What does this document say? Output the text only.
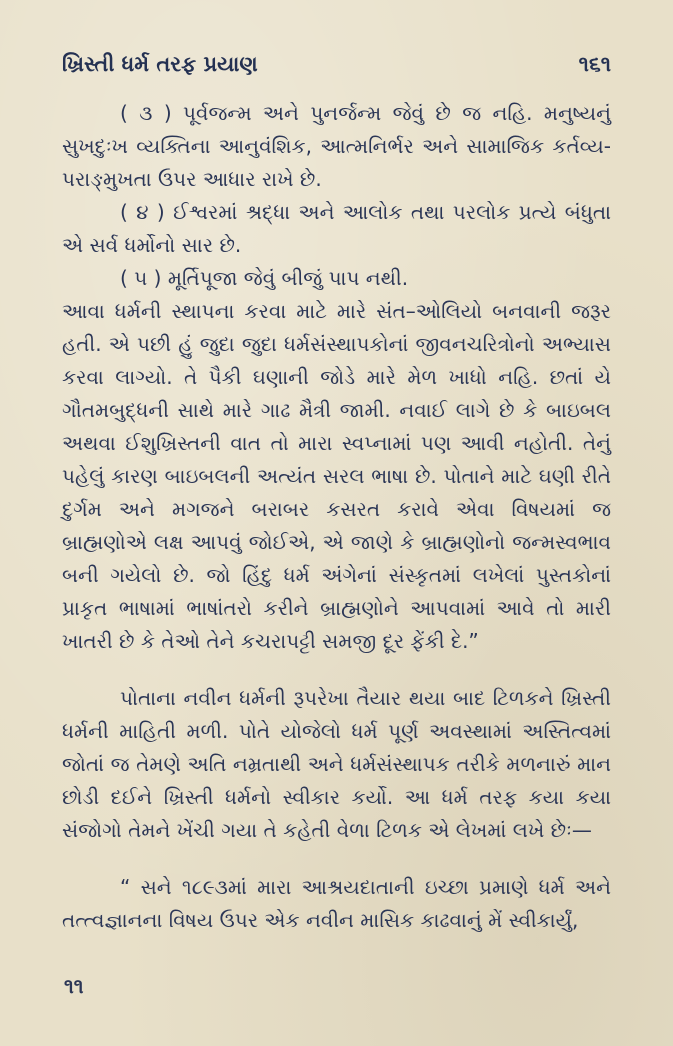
ખ્રિસ્તી ધર્મ તરફ પ્રયાણ	૧૬૧

( ૩ ) પૂર્વજન્મ અને પુનર્જન્મ જેવું છે જ નહિ. મનુષ્યનું સુખદુઃખ વ્યક્તિના આનુવંશિક, આત્મનિર્ભર અને સામાજિક કર્તવ્ય-પરાઙ્મુખતા ઉપર આધાર રાખે છે.

( ૪ ) ઈશ્વરમાં શ્રદ્ધા અને આલોક તથા પરલોક પ્રત્યે બંધુતા એ સર્વ ધર્મોનો સાર છે.

( ૫ ) મૂર્તિપૂજા જેવું બીજું પાપ નથી.

આવા ધર્મની સ્થાપના કરવા માટે મારે સંત–ઓલિયો બનવાની જરૂર હતી. એ પછી હું જુદા જુદા ધર્મસંસ્થાપકોનાં જીવનચરિત્રોનો અભ્યાસ કરવા લાગ્યો. તે પૈકી ઘણાની જોડે મારે મેળ ખાધો નહિ. છતાં યે ગૌતમબુદ્ધની સાથે મારે ગાઢ મૈત્રી જામી. નવાઈ લાગે છે કે બાઇબલ અથવા ઈશુખ્રિસ્તની વાત તો મારા સ્વપ્નામાં પણ આવી નહોતી. તેનું પહેલું કારણ બાઇબલની અત્યંત સરલ ભાષા છે. પોતાને માટે ઘણી રીતે દુર્ગમ અને મગજને બરાબર કસરત કરાવે એવા વિષયમાં જ બ્રાહ્મણોએ લક્ષ આપવું જોઈએ, એ જાણે કે બ્રાહ્મણોનો જન્મસ્વભાવ બની ગયેલો છે. જો હિંદુ ધર્મ અંગેનાં સંસ્કૃતમાં લખેલાં પુસ્તકોનાં પ્રાકૃત ભાષામાં ભાષાંતરો કરીને બ્રાહ્મણોને આપવામાં આવે તો મારી ખાતરી છે કે તેઓ તેને કચરાપટ્ટી સમજી દૂર ફેંકી દે.”

પોતાના નવીન ધર્મની રૂપરેખા તૈયાર થયા બાદ ટિળકને ખ્રિસ્તી ધર્મની માહિતી મળી. પોતે યોજેલો ધર્મ પૂર્ણ અવસ્થામાં અસ્તિત્વમાં જોતાં જ તેમણે અતિ નમ્રતાથી અને ધર્મસંસ્થાપક તરીકે મળનારું માન છોડી દઈને ખ્રિસ્તી ધર્મનો સ્વીકાર કર્યો. આ ધર્મ તરફ કયા કયા સંજોગો તેમને ખેંચી ગયા તે કહેતી વેળા ટિળક એ લેખમાં લખે છેઃ—

“ સને ૧૮૯૩માં મારા આશ્રયદાતાની ઇચ્છા પ્રમાણે ધર્મ અને તત્ત્વજ્ઞાનના વિષય ઉપર એક નવીન માસિક કાઢવાનું મેં સ્વીકાર્યું,

૧૧
